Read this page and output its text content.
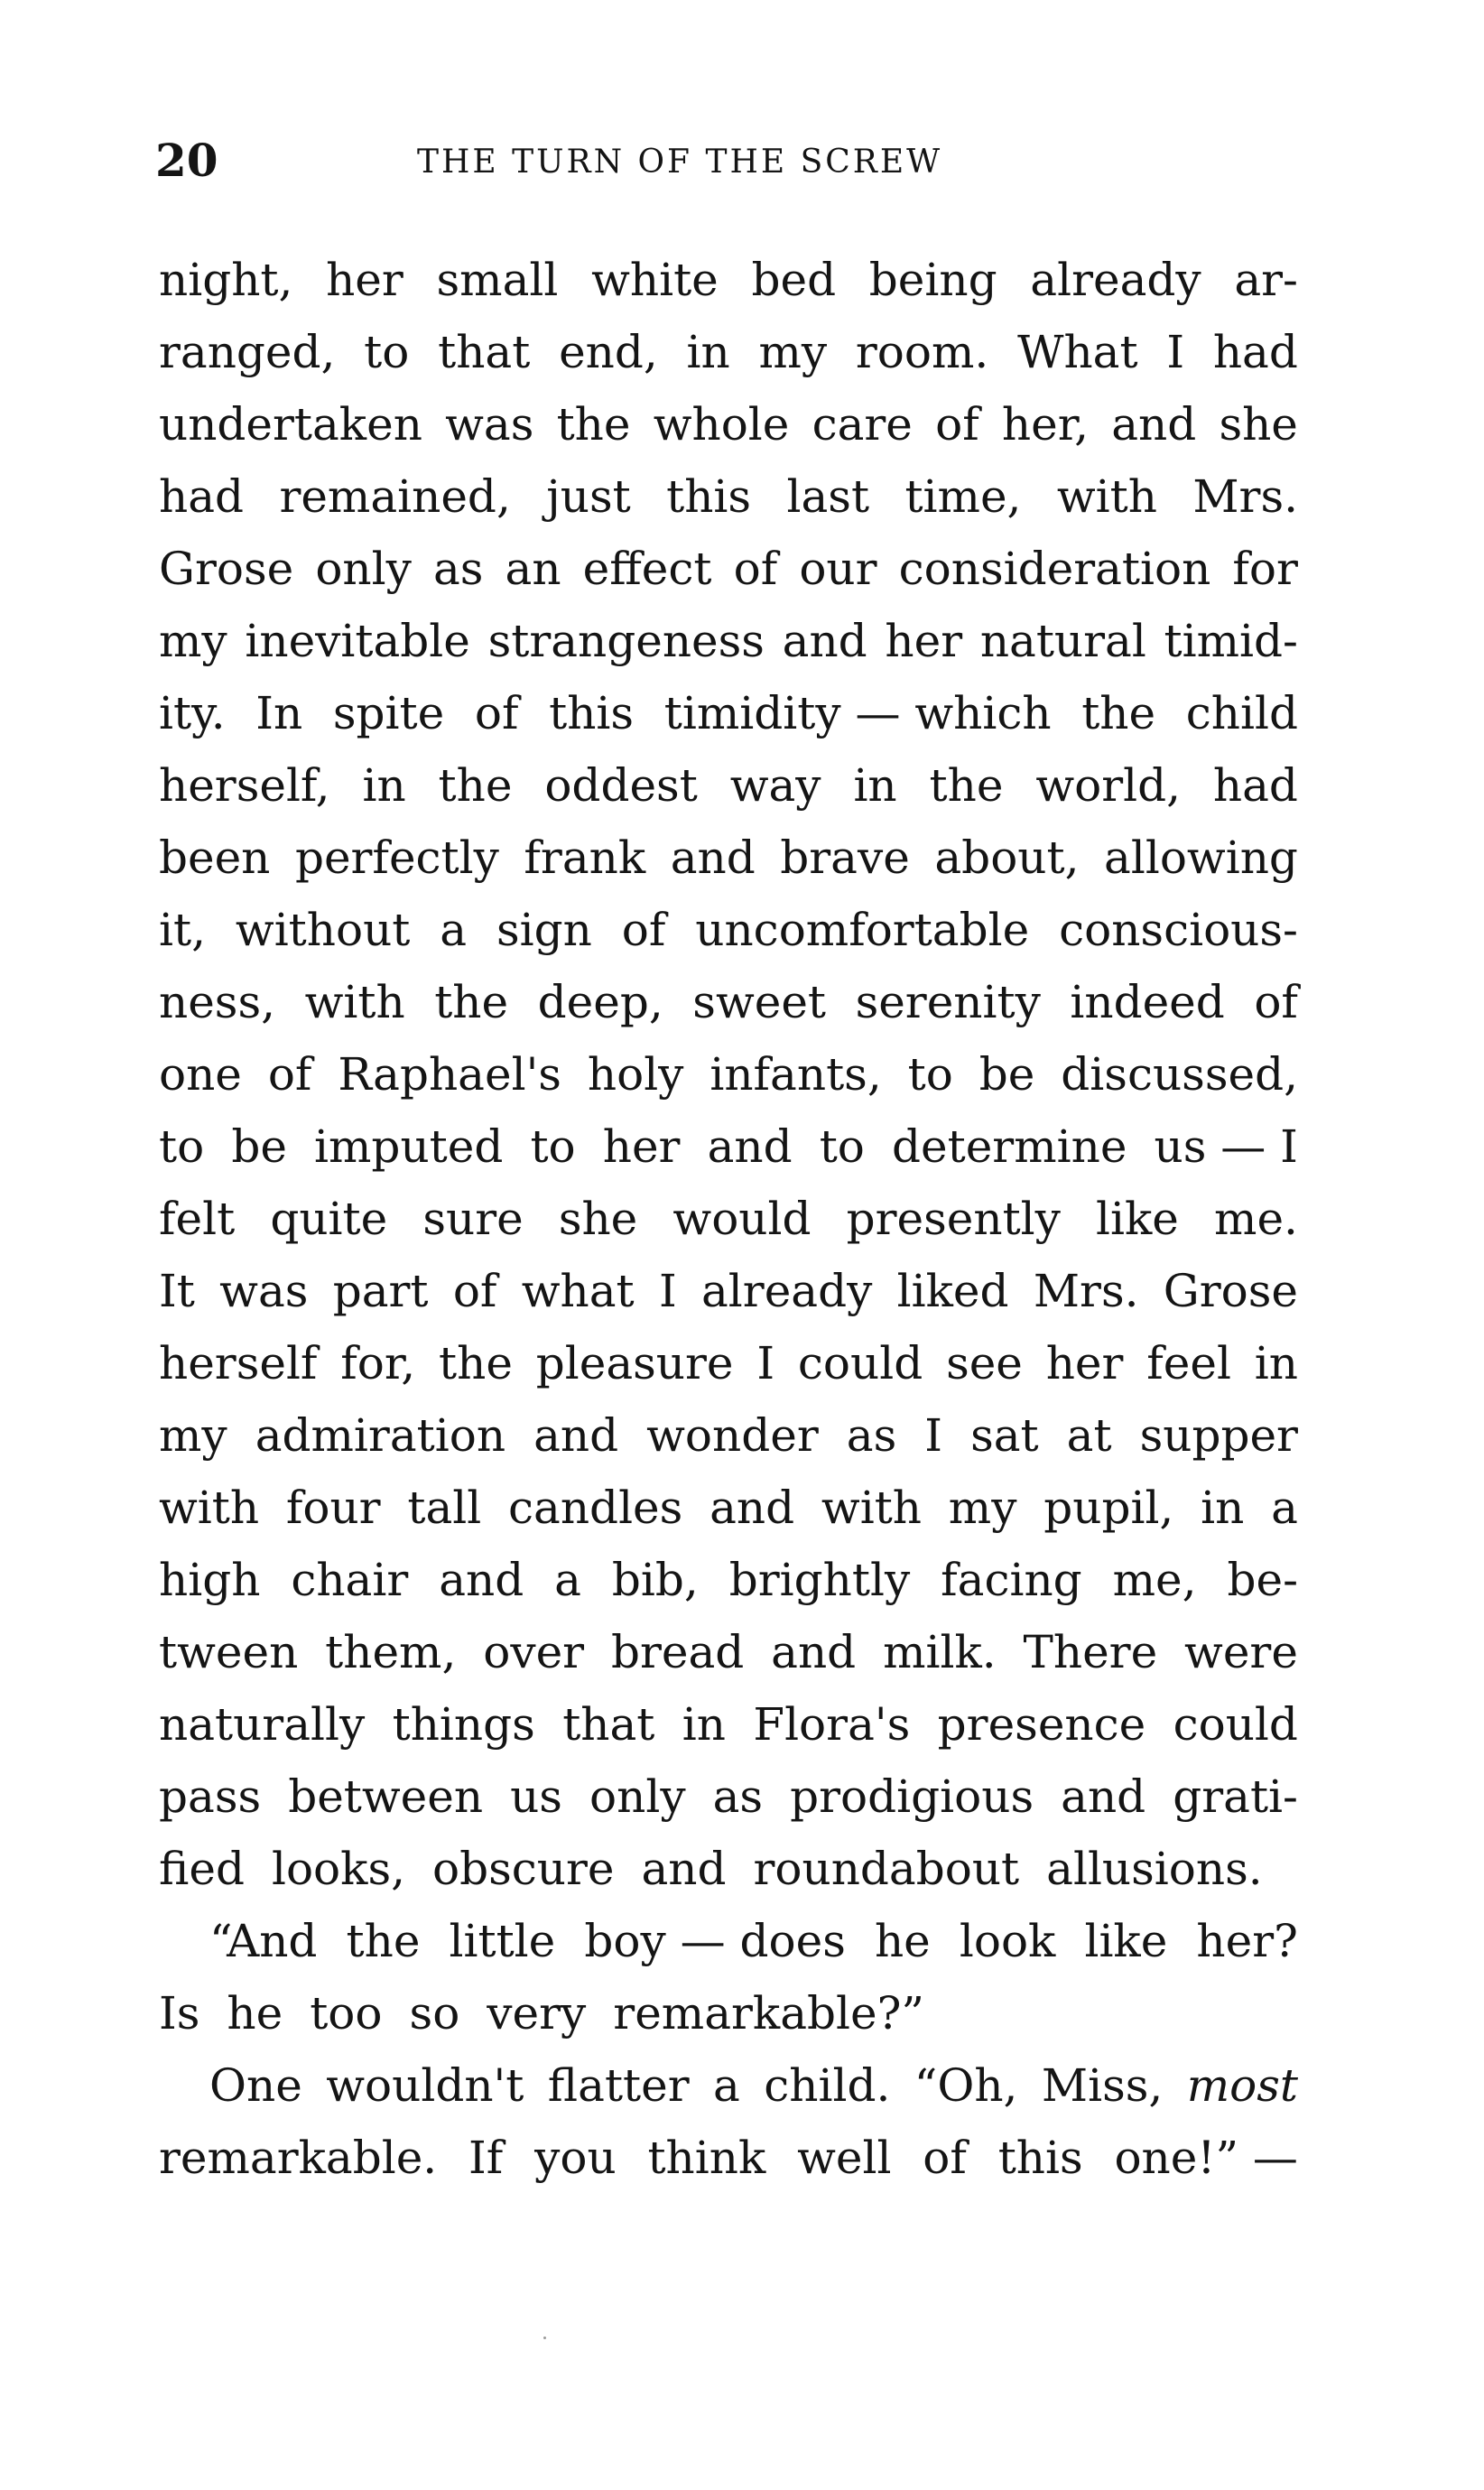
20	THE TURN OF THE SCREW
night, her small white bed being already ar-
ranged, to that end, in my room. What I had
undertaken was the whole care of her, and she
had remained, just this last time, with Mrs.
Grose only as an effect of our consideration for
my inevitable strangeness and her natural timid-
ity. In spite of this timidity — which the child
herself, in the oddest way in the world, had
been perfectly frank and brave about, allowing
it, without a sign of uncomfortable conscious-
ness, with the deep, sweet serenity indeed of
one of Raphael's holy infants, to be discussed,
to be imputed to her and to determine us — I
felt quite sure she would presently like me.
It was part of what I already liked Mrs. Grose
herself for, the pleasure I could see her feel in
my admiration and wonder as I sat at supper
with four tall candles and with my pupil, in a
high chair and a bib, brightly facing me, be-
tween them, over bread and milk. There were
naturally things that in Flora's presence could
pass between us only as prodigious and grati-
fied looks, obscure and roundabout allusions.
“And the little boy — does he look like her?
Is he too so very remarkable?”
One wouldn't flatter a child. “Oh, Miss, most
remarkable. If you think well of this one!” —
